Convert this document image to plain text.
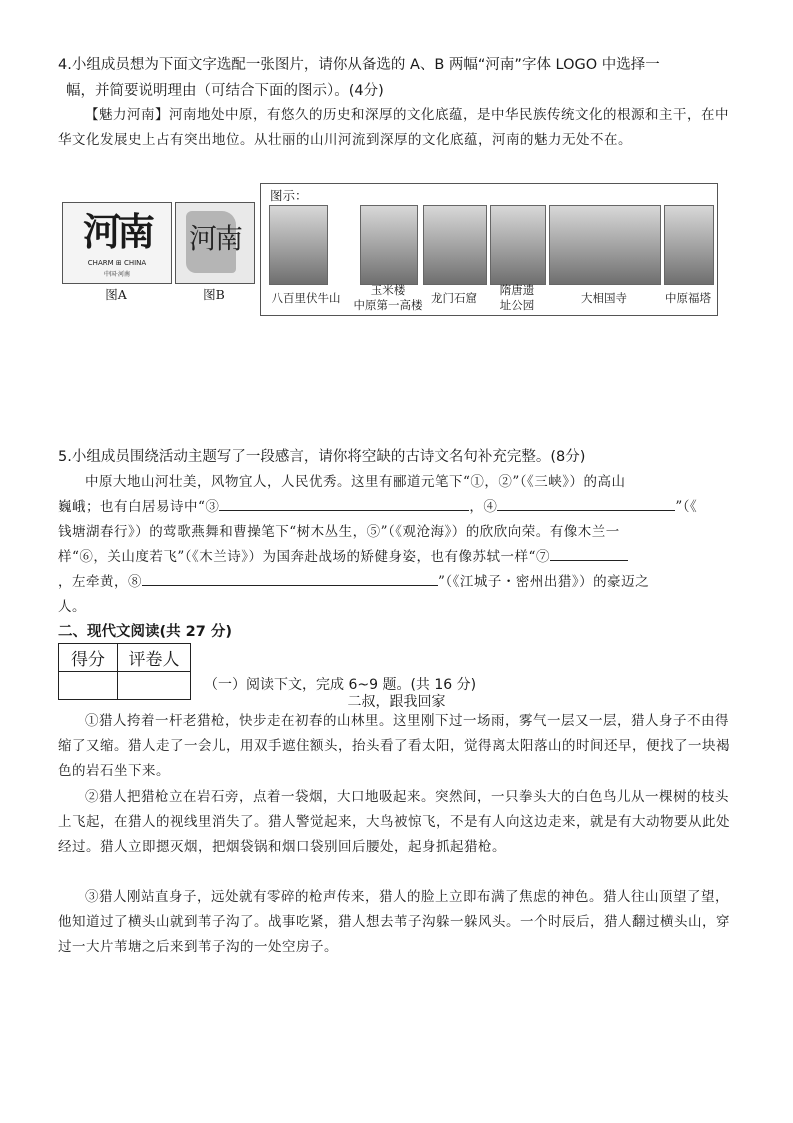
4.小组成员想为下面文字选配一张图片，请你从备选的 A、B 两幅“河南”字体 LOGO 中选择一
幅，并简要说明理由（可结合下面的图示）。(4分)
【魅力河南】河南地处中原，有悠久的历史和深厚的文化底蕴，是中华民族传统文化的根源和主干，在中华文化发展史上占有突出地位。从壮丽的山川河流到深厚的文化底蕴，河南的魅力无处不在。
河南
CHARM ⊞ CHINA
中国·河南
图A
河南
图B
图示：
八百里伏牛山
玉米楼
中原第一高楼 龙门石窟
隋唐遗
址公园	大相国寺	中原福塔
5.小组成员围绕活动主题写了一段感言，请你将空缺的古诗文名句补充完整。(8分)
中原大地山河壮美，风物宜人，人民优秀。这里有郦道元笔下“①，②”（《三峡》）的高山
巍峨；也有白居易诗中“③	，④	”（《
钱塘湖春行》）的莺歌燕舞和曹操笔下“树木丛生，⑤”（《观沧海》）的欣欣向荣。有像木兰一
样“⑥，关山度若飞”（《木兰诗》）为国奔赴战场的矫健身姿，也有像苏轼一样“⑦
，左牵黄，⑧	”（《江城子・密州出猎》）的豪迈之
人。
二、现代文阅读(共 27 分)
得分	评卷人

（一）阅读下文，完成 6~9 题。(共 16 分)
二叔，跟我回家
①猎人挎着一杆老猎枪，快步走在初春的山林里。这里刚下过一场雨，雾气一层又一层，猎人身子不由得缩了又缩。猎人走了一会儿，用双手遮住额头，抬头看了看太阳，觉得离太阳落山的时间还早，便找了一块褐色的岩石坐下来。
②猎人把猎枪立在岩石旁，点着一袋烟，大口地吸起来。突然间，一只拳头大的白色鸟儿从一棵树的枝头上飞起，在猎人的视线里消失了。猎人警觉起来，大鸟被惊飞，不是有人向这边走来，就是有大动物要从此处经过。猎人立即摁灭烟，把烟袋锅和烟口袋别回后腰处，起身抓起猎枪。
③猎人刚站直身子，远处就有零碎的枪声传来，猎人的脸上立即布满了焦虑的神色。猎人往山顶望了望，他知道过了横头山就到苇子沟了。战事吃紧，猎人想去苇子沟躲一躲风头。一个时辰后，猎人翻过横头山，穿过一大片苇塘之后来到苇子沟的一处空房子。
